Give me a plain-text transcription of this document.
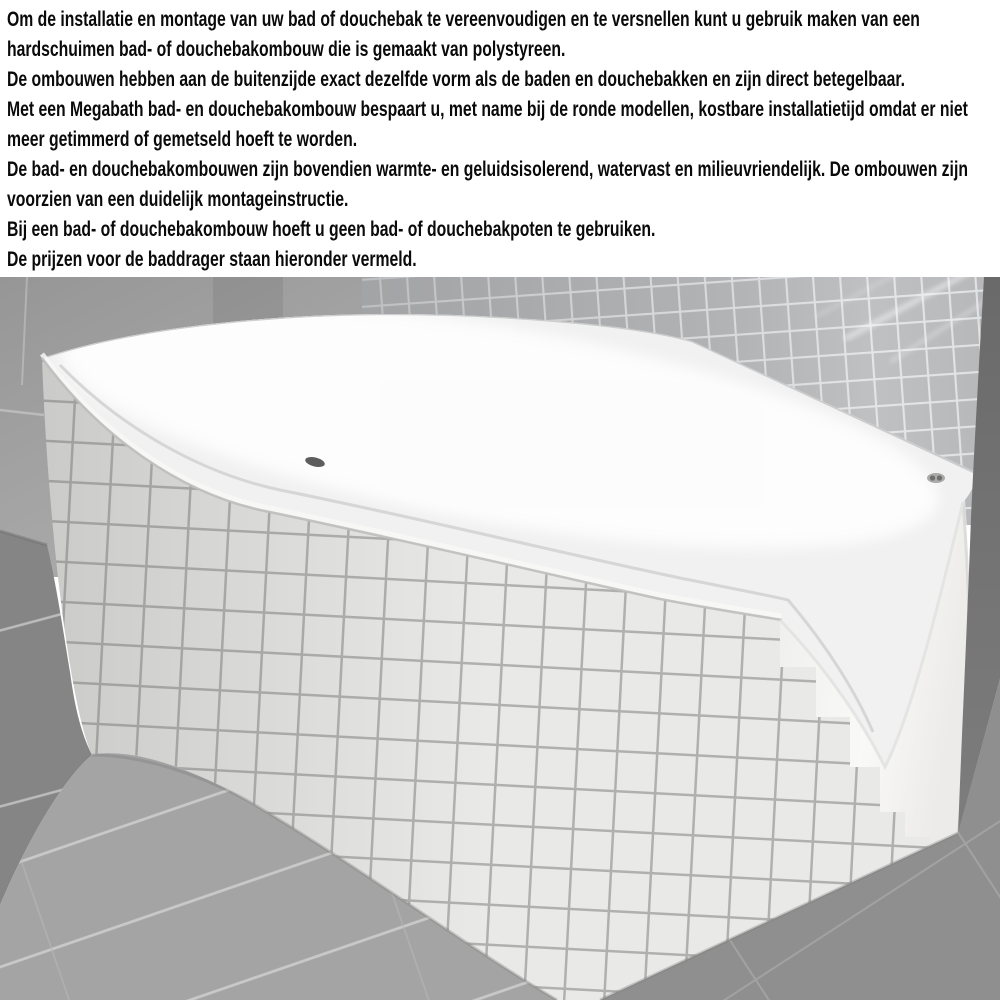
Om de installatie en montage van uw bad of douchebak te vereenvoudigen en te versnellen kunt u gebruik maken van een hardschuimen bad- of douchebakombouw die is gemaakt van polystyreen.

De ombouwen hebben aan de buitenzijde exact dezelfde vorm als de baden en douchebakken en zijn direct betegelbaar.

Met een Megabath bad- en douchebakombouw bespaart u, met name bij de ronde modellen, kostbare installatietijd omdat er niet meer getimmerd of gemetseld hoeft te worden.

De bad- en douchebakombouwen zijn bovendien warmte- en geluidsisolerend, watervast en milieuvriendelijk. De ombouwen zijn voorzien van een duidelijk montageinstructie.

Bij een bad- of douchebakombouw hoeft u geen bad- of douchebakpoten te gebruiken.

De prijzen voor de baddrager staan hieronder vermeld.
